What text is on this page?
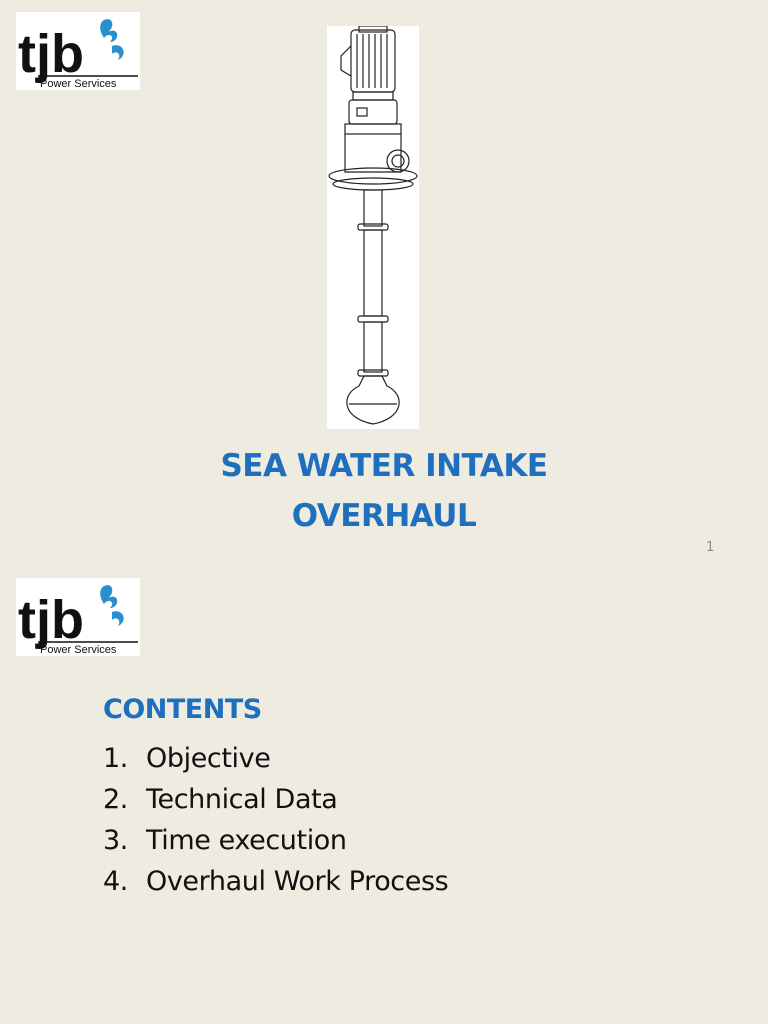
tjb
Power Services
SEA WATER INTAKE
OVERHAUL
1
tjb
Power Services
CONTENTS
1. Objective
2. Technical Data
3. Time execution
4. Overhaul Work Process
